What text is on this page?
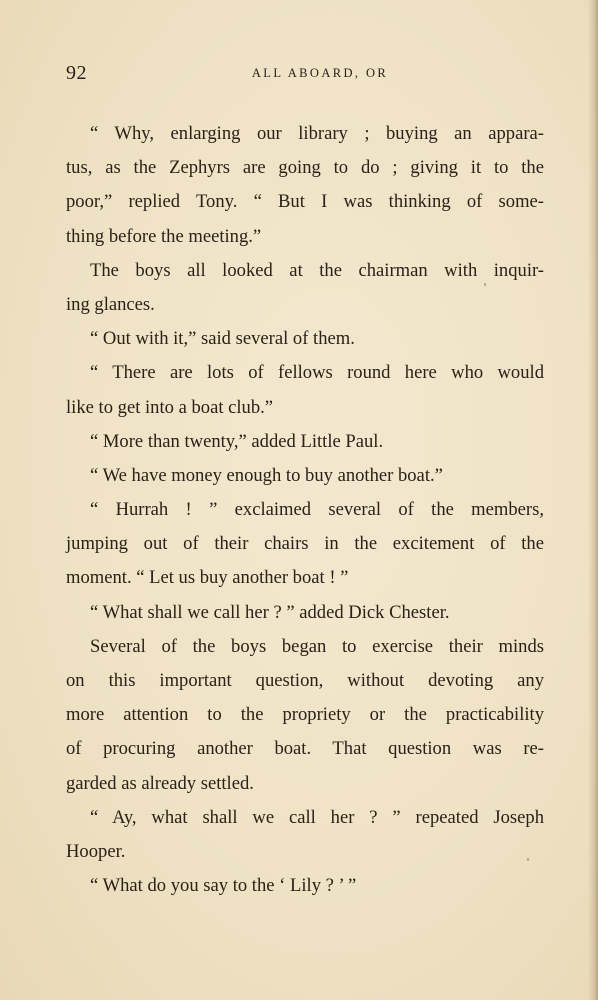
92	ALL ABOARD, OR

“ Why, enlarging our library ; buying an appara-
tus, as the Zephyrs are going to do ; giving it to the
poor,” replied Tony. “ But I was thinking of some-
thing before the meeting.”

The boys all looked at the chairman with inquir-
ing glances.

“ Out with it,” said several of them.

“ There are lots of fellows round here who would
like to get into a boat club.”

“ More than twenty,” added Little Paul.

“ We have money enough to buy another boat.”

“ Hurrah ! ” exclaimed several of the members,
jumping out of their chairs in the excitement of the
moment. “ Let us buy another boat ! ”

“ What shall we call her ? ” added Dick Chester.

Several of the boys began to exercise their minds
on this important question, without devoting any
more attention to the propriety or the practicability
of procuring another boat. That question was re-
garded as already settled.

“ Ay, what shall we call her ? ” repeated Joseph
Hooper.

“ What do you say to the ‘ Lily ? ’ ”
